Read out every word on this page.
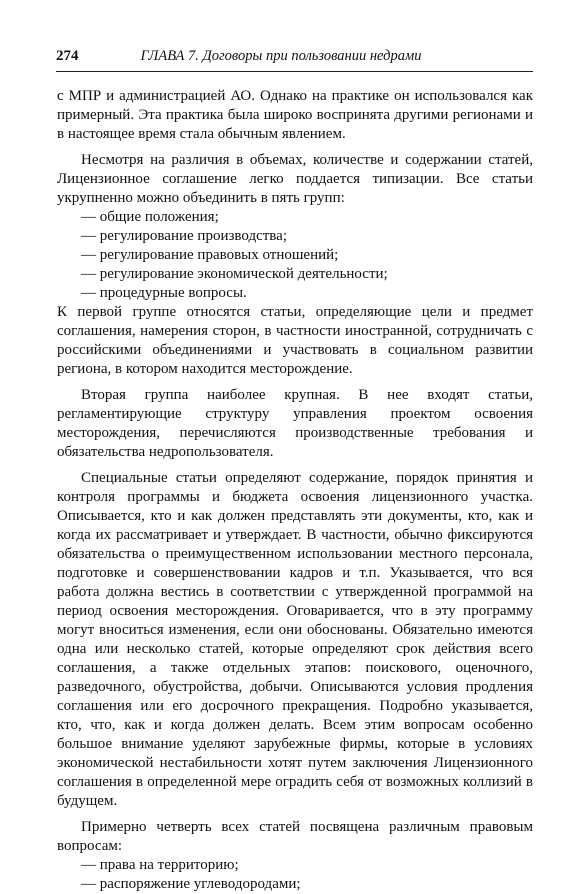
274	ГЛАВА 7. Договоры при пользовании недрами

с МПР и администрацией АО. Однако на практике он использовался как примерный. Эта практика была широко воспринята другими регионами и в настоящее время стала обычным явлением.

Несмотря на различия в объемах, количестве и содержании статей, Лицензионное соглашение легко поддается типизации. Все статьи укрупненно можно объединить в пять групп:

— общие положения;

— регулирование производства;

— регулирование правовых отношений;

— регулирование экономической деятельности;

— процедурные вопросы.

К первой группе относятся статьи, определяющие цели и предмет соглашения, намерения сторон, в частности иностранной, сотрудничать с российскими объединениями и участвовать в социальном развитии региона, в котором находится месторождение.

Вторая группа наиболее крупная. В нее входят статьи, регламентирующие структуру управления проектом освоения месторождения, перечисляются производственные требования и обязательства недропользователя.

Специальные статьи определяют содержание, порядок принятия и контроля программы и бюджета освоения лицензионного участка. Описывается, кто и как должен представлять эти документы, кто, как и когда их рассматривает и утверждает. В частности, обычно фиксируются обязательства о преимущественном использовании местного персонала, подготовке и совершенствовании кадров и т.п. Указывается, что вся работа должна вестись в соответствии с утвержденной программой на период освоения месторождения. Оговаривается, что в эту программу могут вноситься изменения, если они обоснованы. Обязательно имеются одна или несколько статей, которые определяют срок действия всего соглашения, а также отдельных этапов: поискового, оценочного, разведочного, обустройства, добычи. Описываются условия продления соглашения или его досрочного прекращения. Подробно указывается, кто, что, как и когда должен делать. Всем этим вопросам особенно большое внимание уделяют зарубежные фирмы, которые в условиях экономической нестабильности хотят путем заключения Лицензионного соглашения в определенной мере оградить себя от возможных коллизий в будущем.

Примерно четверть всех статей посвящена различным правовым вопросам:

— права на территорию;

— распоряжение углеводородами;
